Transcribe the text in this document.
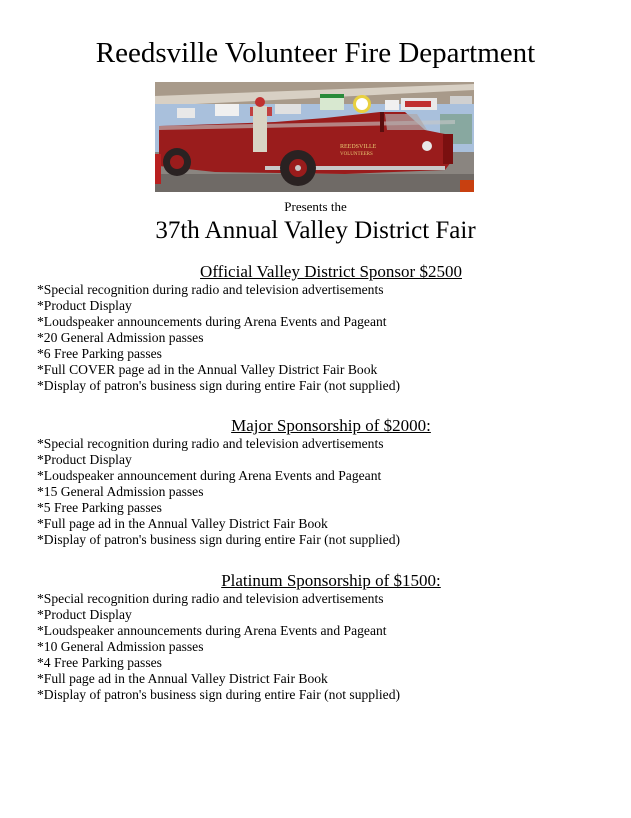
Reedsville Volunteer Fire Department
REEDSVILLE
VOLUNTEERS
Presents the
37th Annual Valley District Fair
Official Valley District Sponsor $2500
*Special recognition during radio and television advertisements
*Product Display
*Loudspeaker announcements during Arena Events and Pageant
*20 General Admission passes
*6 Free Parking passes
*Full COVER page ad in the Annual Valley District Fair Book
*Display of patron's business sign during entire Fair (not supplied)
Major Sponsorship of $2000:
*Special recognition during radio and television advertisements
*Product Display
*Loudspeaker announcement during Arena Events and Pageant
*15 General Admission passes
*5 Free Parking passes
*Full page ad in the Annual Valley District Fair Book
*Display of patron's business sign during entire Fair (not supplied)
Platinum Sponsorship of $1500:
*Special recognition during radio and television advertisements
*Product Display
*Loudspeaker announcements during Arena Events and Pageant
*10 General Admission passes
*4 Free Parking passes
*Full page ad in the Annual Valley District Fair Book
*Display of patron's business sign during entire Fair (not supplied)
